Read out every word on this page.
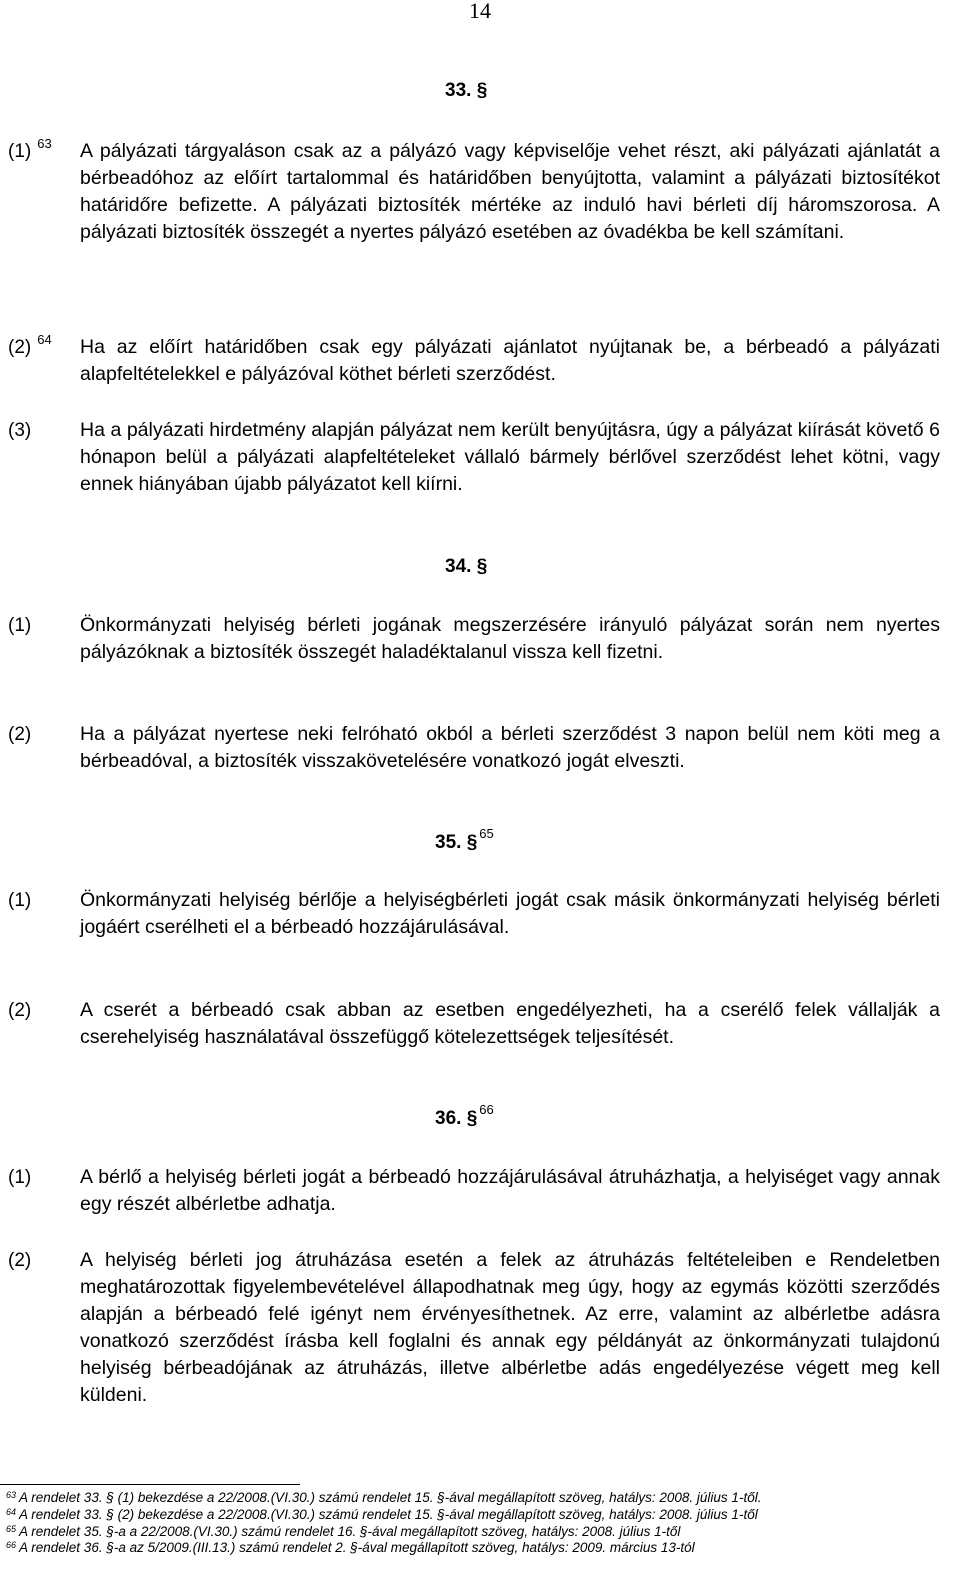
14
33. §
(1) $^{63}$ A pályázati tárgyaláson csak az a pályázó vagy képviselője vehet részt, aki pályázati ajánlatát a bérbeadóhoz az előírt tartalommal és határidőben benyújtotta, valamint a pályázati biztosítékot határidőre befizette. A pályázati biztosíték mértéke az induló havi bérleti díj háromszorosa. A pályázati biztosíték összegét a nyertes pályázó esetében az óvadékba be kell számítani.
(2) $^{64}$ Ha az előírt határidőben csak egy pályázati ajánlatot nyújtanak be, a bérbeadó a pályázati alapfeltételekkel e pályázóval köthet bérleti szerződést.
(3)	Ha a pályázati hirdetmény alapján pályázat nem került benyújtásra, úgy a pályázat kiírását követő 6 hónapon belül a pályázati alapfeltételeket vállaló bármely bérlővel szerződést lehet kötni, vagy ennek hiányában újabb pályázatot kell kiírni.
34. §
(1)	Önkormányzati helyiség bérleti jogának megszerzésére irányuló pályázat során nem nyertes pályázóknak a biztosíték összegét haladéktalanul vissza kell fizetni.
(2)	Ha a pályázat nyertese neki felróható okból a bérleti szerződést 3 napon belül nem köti meg a bérbeadóval, a biztosíték visszakövetelésére vonatkozó jogát elveszti.
35. § $^{65}$
(1)	Önkormányzati helyiség bérlője a helyiségbérleti jogát csak másik önkormányzati helyiség bérleti jogáért cserélheti el a bérbeadó hozzájárulásával.
(2)	A cserét a bérbeadó csak abban az esetben engedélyezheti, ha a cserélő felek vállalják a cserehelyiség használatával összefüggő kötelezettségek teljesítését.
36. § $^{66}$
(1)	A bérlő a helyiség bérleti jogát a bérbeadó hozzájárulásával átruházhatja, a helyiséget vagy annak egy részét albérletbe adhatja.
(2)	A helyiség bérleti jog átruházása esetén a felek az átruházás feltételeiben e Rendeletben meghatározottak figyelembevételével állapodhatnak meg úgy, hogy az egymás közötti szerződés alapján a bérbeadó felé igényt nem érvényesíthetnek. Az erre, valamint az albérletbe adásra vonatkozó szerződést írásba kell foglalni és annak egy példányát az önkormányzati tulajdonú helyiség bérbeadójának az átruházás, illetve albérletbe adás engedélyezése végett meg kell küldeni.
$^{63}$ A rendelet 33. § (1) bekezdése a 22/2008.(VI.30.) számú rendelet 15. §-ával megállapított szöveg, hatálys: 2008. július 1-től.
$^{64}$ A rendelet 33. § (2) bekezdése a 22/2008.(VI.30.) számú rendelet 15. §-ával megállapított szöveg, hatálys: 2008. július 1-től
$^{65}$ A rendelet 35. §-a a 22/2008.(VI.30.) számú rendelet 16. §-ával megállapított szöveg, hatálys: 2008. július 1-től
$^{66}$ A rendelet 36. §-a az 5/2009.(III.13.) számú rendelet 2. §-ával megállapított szöveg, hatálys: 2009. március 13-tól
